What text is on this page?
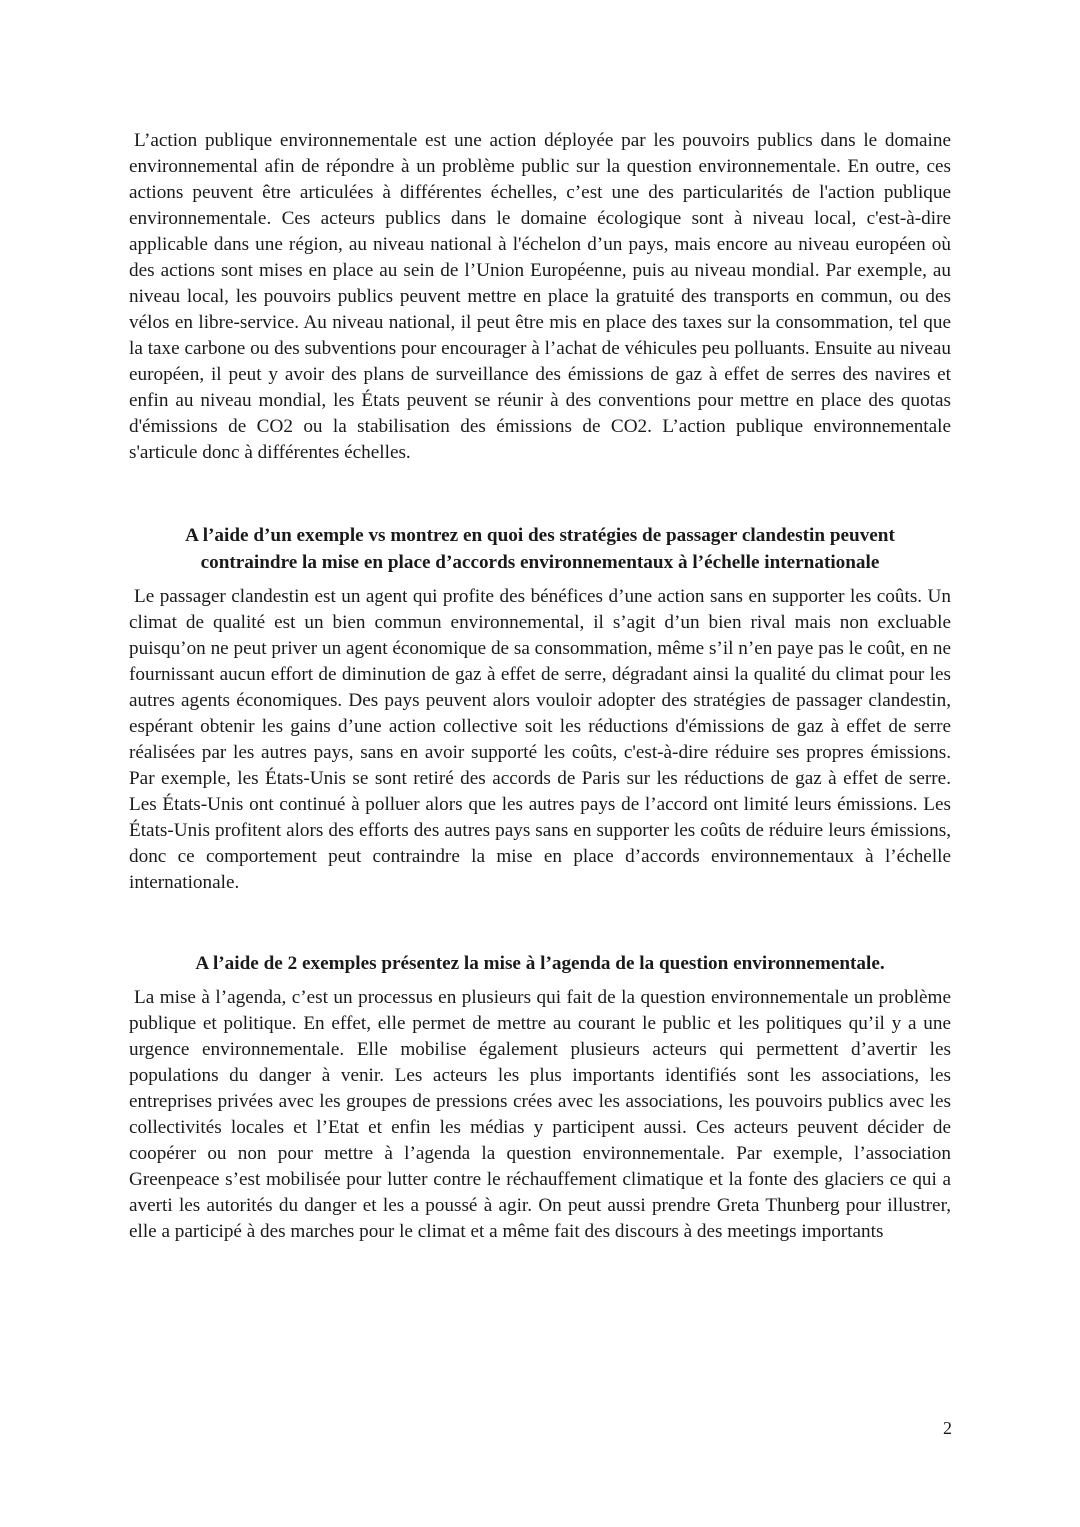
L’action publique environnementale est une action déployée par les pouvoirs publics dans le domaine environnemental afin de répondre à un problème public sur la question environnementale. En outre, ces actions peuvent être articulées à différentes échelles, c’est une des particularités de l'action publique environnementale. Ces acteurs publics dans le domaine écologique sont à niveau local, c'est-à-dire applicable dans une région, au niveau national à l'échelon d’un pays, mais encore au niveau européen où des actions sont mises en place au sein de l’Union Européenne, puis au niveau mondial. Par exemple, au niveau local, les pouvoirs publics peuvent mettre en place la gratuité des transports en commun, ou des vélos en libre-service. Au niveau national, il peut être mis en place des taxes sur la consommation, tel que la taxe carbone ou des subventions pour encourager à l’achat de véhicules peu polluants. Ensuite au niveau européen, il peut y avoir des plans de surveillance des émissions de gaz à effet de serres des navires et enfin au niveau mondial, les États peuvent se réunir à des conventions pour mettre en place des quotas d'émissions de CO2 ou la stabilisation des émissions de CO2. L’action publique environnementale s'articule donc à différentes échelles.

A l’aide d’un exemple vs montrez en quoi des stratégies de passager clandestin peuvent contraindre la mise en place d’accords environnementaux à l’échelle internationale

Le passager clandestin est un agent qui profite des bénéfices d’une action sans en supporter les coûts. Un climat de qualité est un bien commun environnemental, il s’agit d’un bien rival mais non excluable puisqu’on ne peut priver un agent économique de sa consommation, même s’il n’en paye pas le coût, en ne fournissant aucun effort de diminution de gaz à effet de serre, dégradant ainsi la qualité du climat pour les autres agents économiques. Des pays peuvent alors vouloir adopter des stratégies de passager clandestin, espérant obtenir les gains d’une action collective soit les réductions d'émissions de gaz à effet de serre réalisées par les autres pays, sans en avoir supporté les coûts, c'est-à-dire réduire ses propres émissions. Par exemple, les États-Unis se sont retiré des accords de Paris sur les réductions de gaz à effet de serre. Les États-Unis ont continué à polluer alors que les autres pays de l’accord ont limité leurs émissions. Les États-Unis profitent alors des efforts des autres pays sans en supporter les coûts de réduire leurs émissions, donc ce comportement peut contraindre la mise en place d’accords environnementaux à l’échelle internationale.

A l’aide de 2 exemples présentez la mise à l’agenda de la question environnementale.

La mise à l’agenda, c’est un processus en plusieurs qui fait de la question environnementale un problème publique et politique. En effet, elle permet de mettre au courant le public et les politiques qu’il y a une urgence environnementale. Elle mobilise également plusieurs acteurs qui permettent d’avertir les populations du danger à venir. Les acteurs les plus importants identifiés sont les associations, les entreprises privées avec les groupes de pressions crées avec les associations, les pouvoirs publics avec les collectivités locales et l’Etat et enfin les médias y participent aussi. Ces acteurs peuvent décider de coopérer ou non pour mettre à l’agenda la question environnementale. Par exemple, l’association Greenpeace s’est mobilisée pour lutter contre le réchauffement climatique et la fonte des glaciers ce qui a averti les autorités du danger et les a poussé à agir. On peut aussi prendre Greta Thunberg pour illustrer, elle a participé à des marches pour le climat et a même fait des discours à des meetings importants

2
